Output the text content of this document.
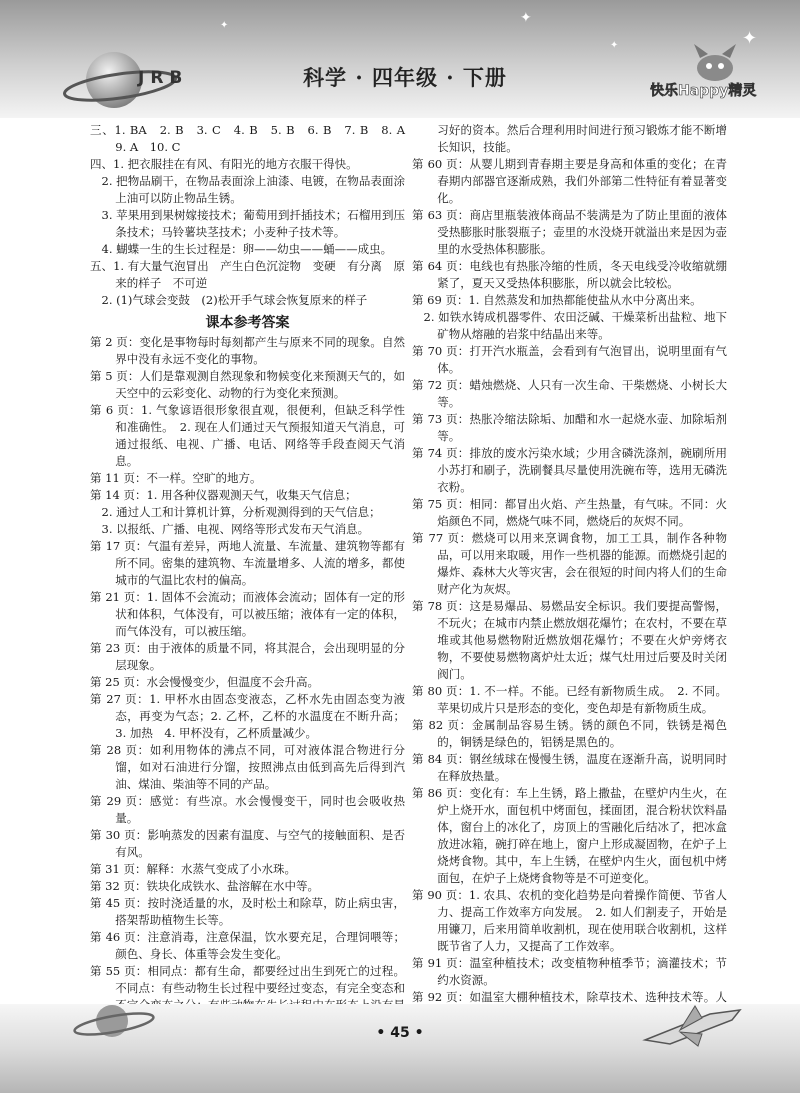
✦
✦
✦
✦
JRB	科学 · 四年级 · 下册
快乐Happy精灵

三、1. BA　2. B　3. C　4. B　5. B　6. B　7. B　8. A　9. A　10. C

四、1. 把衣服挂在有风、有阳光的地方衣服干得快。

2. 把物品刷干，在物品表面涂上油漆、电镀，在物品表面涂上油可以防止物品生锈。

3. 苹果用到果树嫁接技术；葡萄用到扦插技术；石榴用到压条技术；马铃薯块茎技术；小麦种子技术等。

4. 蝴蝶一生的生长过程是：卵——幼虫——蛹——成虫。

五、1. 有大量气泡冒出　产生白色沉淀物　变硬　有分离　原来的样子　不可逆

2. (1)气球会变鼓　(2)松开手气球会恢复原来的样子

课本参考答案

第 2 页：变化是事物每时每刻都产生与原来不同的现象。自然界中没有永远不变化的事物。

第 5 页：人们是靠观测自然现象和物候变化来预测天气的，如天空中的云彩变化、动物的行为变化来预测。

第 6 页：1. 气象谚语很形象很直观，很便利，但缺乏科学性和准确性。　2. 现在人们通过天气预报知道天气消息，可通过报纸、电视、广播、电话、网络等手段查阅天气消息。

第 11 页：不一样。空旷的地方。

第 14 页：1. 用各种仪器观测天气，收集天气信息；

2. 通过人工和计算机计算，分析观测得到的天气信息；

3. 以报纸、广播、电视、网络等形式发布天气消息。

第 17 页：气温有差异，两地人流量、车流量、建筑物等都有所不同。密集的建筑物、车流量增多、人流的增多，都使城市的气温比农村的偏高。

第 21 页：1. 固体不会流动；而液体会流动；固体有一定的形状和体积，气体没有，可以被压缩；液体有一定的体积，而气体没有，可以被压缩。

第 23 页：由于液体的质量不同，将其混合，会出现明显的分层现象。

第 25 页：水会慢慢变少，但温度不会升高。

第 27 页：1. 甲杯水由固态变液态，乙杯水先由固态变为液态，再变为气态；2. 乙杯，乙杯的水温度在不断升高；3. 加热　4. 甲杯没有，乙杯质量减少。

第 28 页：如利用物体的沸点不同，可对液体混合物进行分馏，如对石油进行分馏，按照沸点由低到高先后得到汽油、煤油、柴油等不同的产品。

第 29 页：感觉：有些凉。水会慢慢变干，同时也会吸收热量。

第 30 页：影响蒸发的因素有温度、与空气的接触面积、是否有风。

第 31 页：解释：水蒸气变成了小水珠。

第 32 页：铁块化成铁水、盐溶解在水中等。

第 45 页：按时浇适量的水，及时松土和除草，防止病虫害，搭架帮助植物生长等。

第 46 页：注意消毒，注意保温，饮水要充足，合理饲喂等；颜色、身长、体重等会发生变化。

第 55 页：相同点：都有生命，都要经过出生到死亡的过程。不同点：有些动物生长过程中要经过变态，有完全变态和

习好的资本。然后合理利用时间进行预习锻炼才能不断增长知识，技能。

第 60 页：从婴儿期到青春期主要是身高和体重的变化；在青春期内部器官逐渐成熟，我们外部第二性特征有着显著变化。

第 63 页：商店里瓶装液体商品不装满是为了防止里面的液体受热膨胀时胀裂瓶子；壶里的水没烧开就溢出来是因为壶里的水受热体积膨胀。

第 64 页：电线也有热胀冷缩的性质，冬天电线受冷收缩就绷紧了，夏天又受热体积膨胀，所以就会比较松。

第 69 页：1. 自然蒸发和加热都能使盐从水中分离出来。

2. 如铁水铸成机器零件、农田泛碱、干燥菜析出盐粒、地下矿物从熔融的岩浆中结晶出来等。

第 70 页：打开汽水瓶盖，会看到有气泡冒出，说明里面有气体。

第 72 页：蜡烛燃烧、人只有一次生命、干柴燃烧、小树长大等。

第 73 页：热胀冷缩法除垢、加醋和水一起烧水壶、加除垢剂等。

第 74 页：排放的废水污染水域；少用含磷洗涤剂，碗刷所用小苏打和刷子，洗刷餐具尽量使用洗碗布等，选用无磷洗衣粉。

第 75 页：相同：都冒出火焰、产生热量，有气味。不同：火焰颜色不同，燃烧气味不同，燃烧后的灰烬不同。

第 77 页：燃烧可以用来烹调食物，加工工具，制作各种物品，可以用来取暖，用作一些机器的能源。而燃烧引起的爆炸、森林大火等灾害，会在很短的时间内将人们的生命财产化为灰烬。

第 78 页：这是易爆品、易燃品安全标识。我们要提高警惕，不玩火；在城市内禁止燃放烟花爆竹；在农村，不要在草堆或其他易燃物附近燃放烟花爆竹；不要在火炉旁烤衣物，不要使易燃物离炉灶太近；煤气灶用过后要及时关闭阀门。

第 80 页：1. 不一样。不能。已经有新物质生成。　2. 不同。苹果切成片只是形态的变化，变色却是有新物质生成。

第 82 页：金属制品容易生锈。锈的颜色不同，铁锈是褐色的，铜锈是绿色的，铝锈是黑色的。

第 84 页：钢丝绒球在慢慢生锈，温度在逐渐升高，说明同时在释放热量。

第 86 页：变化有：车上生锈，路上撒盐，在壁炉内生火，在炉上烧开水，面包机中烤面包，揉面团，混合粉状饮料晶体，窗台上的冰化了，房顶上的雪融化后结冰了，把冰盒放进冰箱，碗打碎在地上，窗户上形成凝固物，在炉子上烧烤食物。其中，车上生锈，在壁炉内生火，面包机中烤面包，在炉子上烧烤食物等是不可逆变化。

第 90 页：1. 农具、农机的变化趋势是向着操作简便、节省人力、提高工作效率方向发展。　2. 如人们割麦子，开始是用镰刀，后来用简单收割机，现在使用联合收割机，这样既节省了人力，又提高了工作效率。

第 91 页：温室种植技术；改变植物种植季节；滴灌技术；节约水资源。

第 92 页：如温室大棚种植技术，除草技术、选种技术等。人

• 45 •
